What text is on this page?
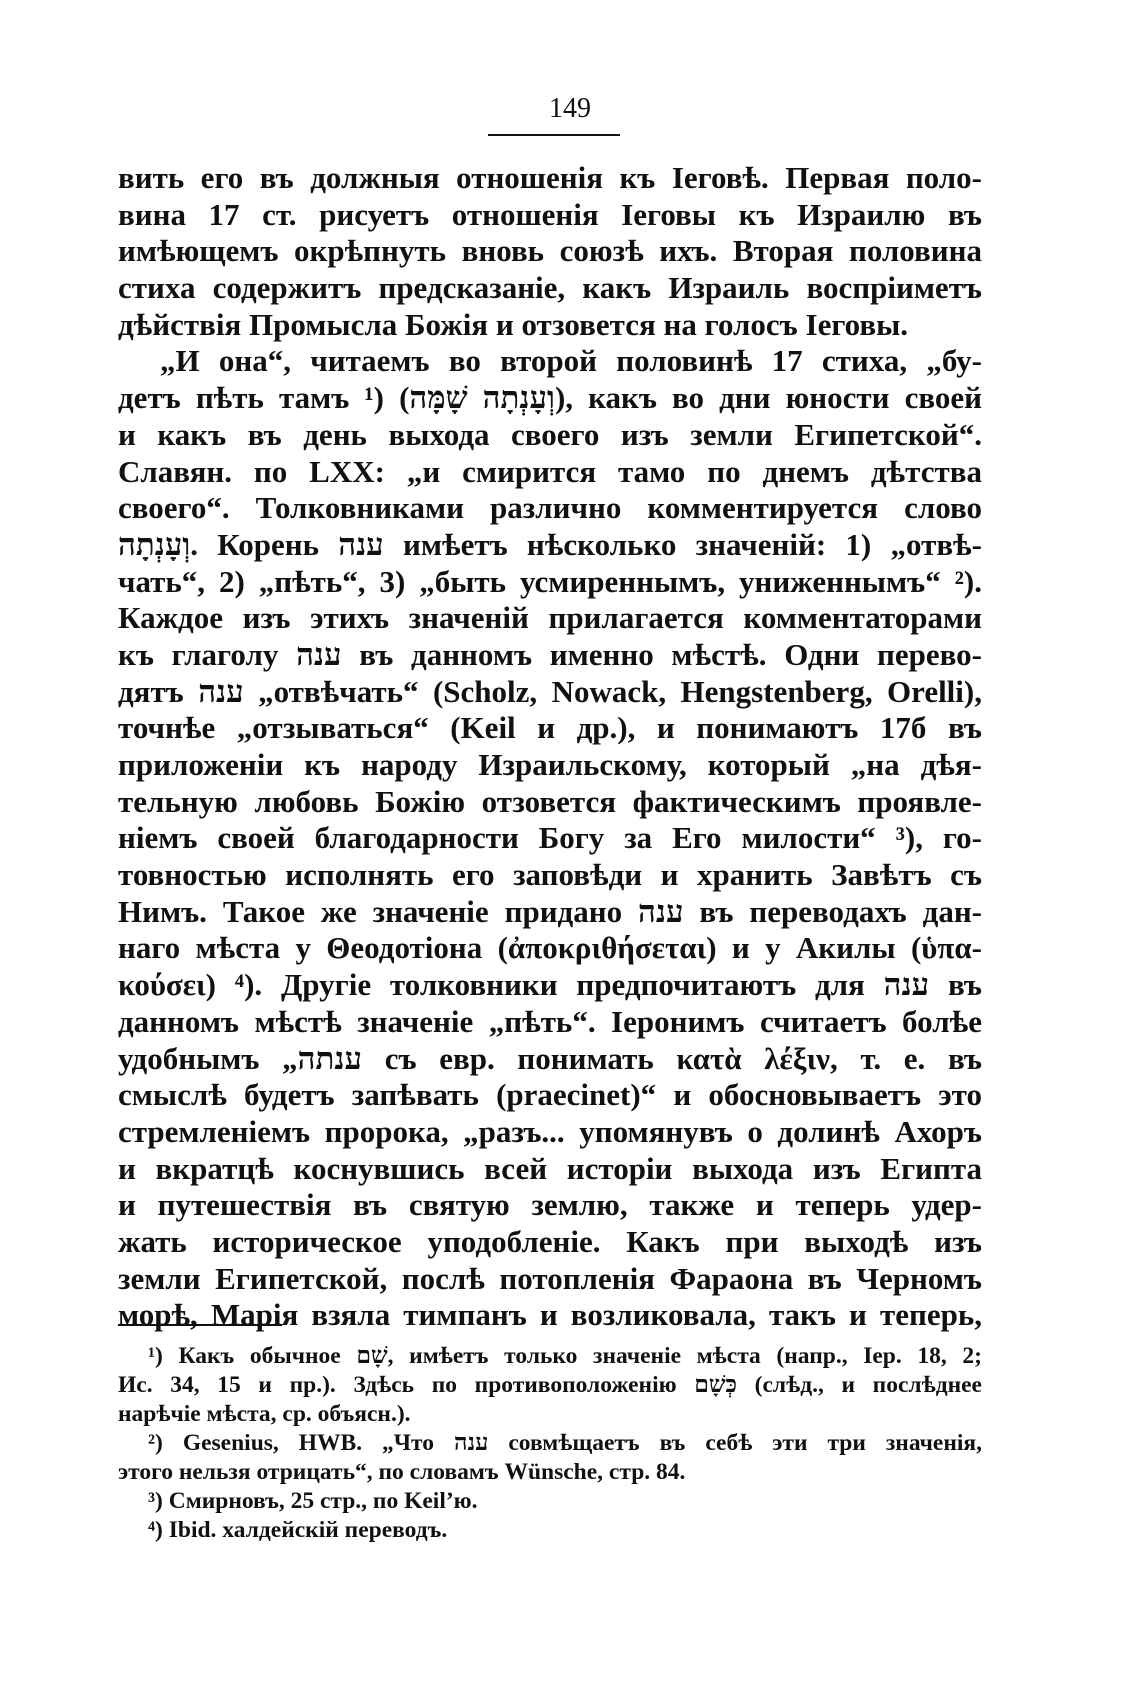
149
вить его въ должныя отношенія къ Іеговѣ. Первая поло-
вина 17 ст. рисуетъ отношенія Іеговы къ Израилю въ
имѣющемъ окрѣпнуть вновь союзѣ ихъ. Вторая половина
стиха содержитъ предсказаніе, какъ Израиль воспріиметъ
дѣйствія Промысла Божія и отзовется на голосъ Іеговы.
„И она“, читаемъ во второй половинѣ 17 стиха, „бу-
детъ пѣть тамъ ¹) (וְעָנְתָה שָׁמָּה), какъ во дни юности своей
и какъ въ день выхода своего изъ земли Египетской“.
Славян. по LXX: „и смирится тамо по днемъ дѣтства
своего“. Толковниками различно комментируется слово
וְעָנְתָה. Корень ענה имѣетъ нѣсколько значеній: 1) „отвѣ-
чать“, 2) „пѣть“, 3) „быть усмиреннымъ, униженнымъ“ ²).
Каждое изъ этихъ значеній прилагается комментаторами
къ глаголу ענה въ данномъ именно мѣстѣ. Одни перево-
дятъ ענה „отвѣчать“ (Scholz, Nowack, Hengstenberg, Orelli),
точнѣе „отзываться“ (Keil и др.), и понимаютъ 17б въ
приложеніи къ народу Израильскому, который „на дѣя-
тельную любовь Божію отзовется фактическимъ проявле-
ніемъ своей благодарности Богу за Его милости“ ³), го-
товностью исполнять его заповѣди и хранить Завѣтъ съ
Нимъ. Такое же значеніе придано ענה въ переводахъ дан-
наго мѣста у Θеодотіона (ἀποκριθήσεται) и у Акилы (ὑπα-
κούσει) ⁴). Другіе толковники предпочитаютъ для ענה въ
данномъ мѣстѣ значеніе „пѣть“. Іеронимъ считаетъ болѣе
удобнымъ „ענתה съ евр. понимать κατὰ λέξιν, т. е. въ
смыслѣ будетъ запѣвать (praecinet)“ и обосновываетъ это
стремленіемъ пророка, „разъ... упомянувъ о долинѣ Ахоръ
и вкратцѣ коснувшись всей исторіи выхода изъ Египта
и путешествія въ святую землю, также и теперь удер-
жать историческое уподобленіе. Какъ при выходѣ изъ
земли Египетской, послѣ потопленія Фараона въ Черномъ
морѣ, Марія взяла тимпанъ и возликовала, такъ и теперь,
¹) Какъ обычное שָׁם, имѣетъ только значеніе мѣста (напр., Іер. 18, 2;
Ис. 34, 15 и пр.). Здѣсь по противоположенію כְּשָׁם (слѣд., и послѣднее
нарѣчіе мѣста, ср. объясн.).
²) Gesenius, HWB. „Что ענה совмѣщаетъ въ себѣ эти три значенія,
этого нельзя отрицать“, по словамъ Wünsche, стр. 84.
³) Смирновъ, 25 стр., по Keil’ю.
⁴) Ibid. халдейскій переводъ.
